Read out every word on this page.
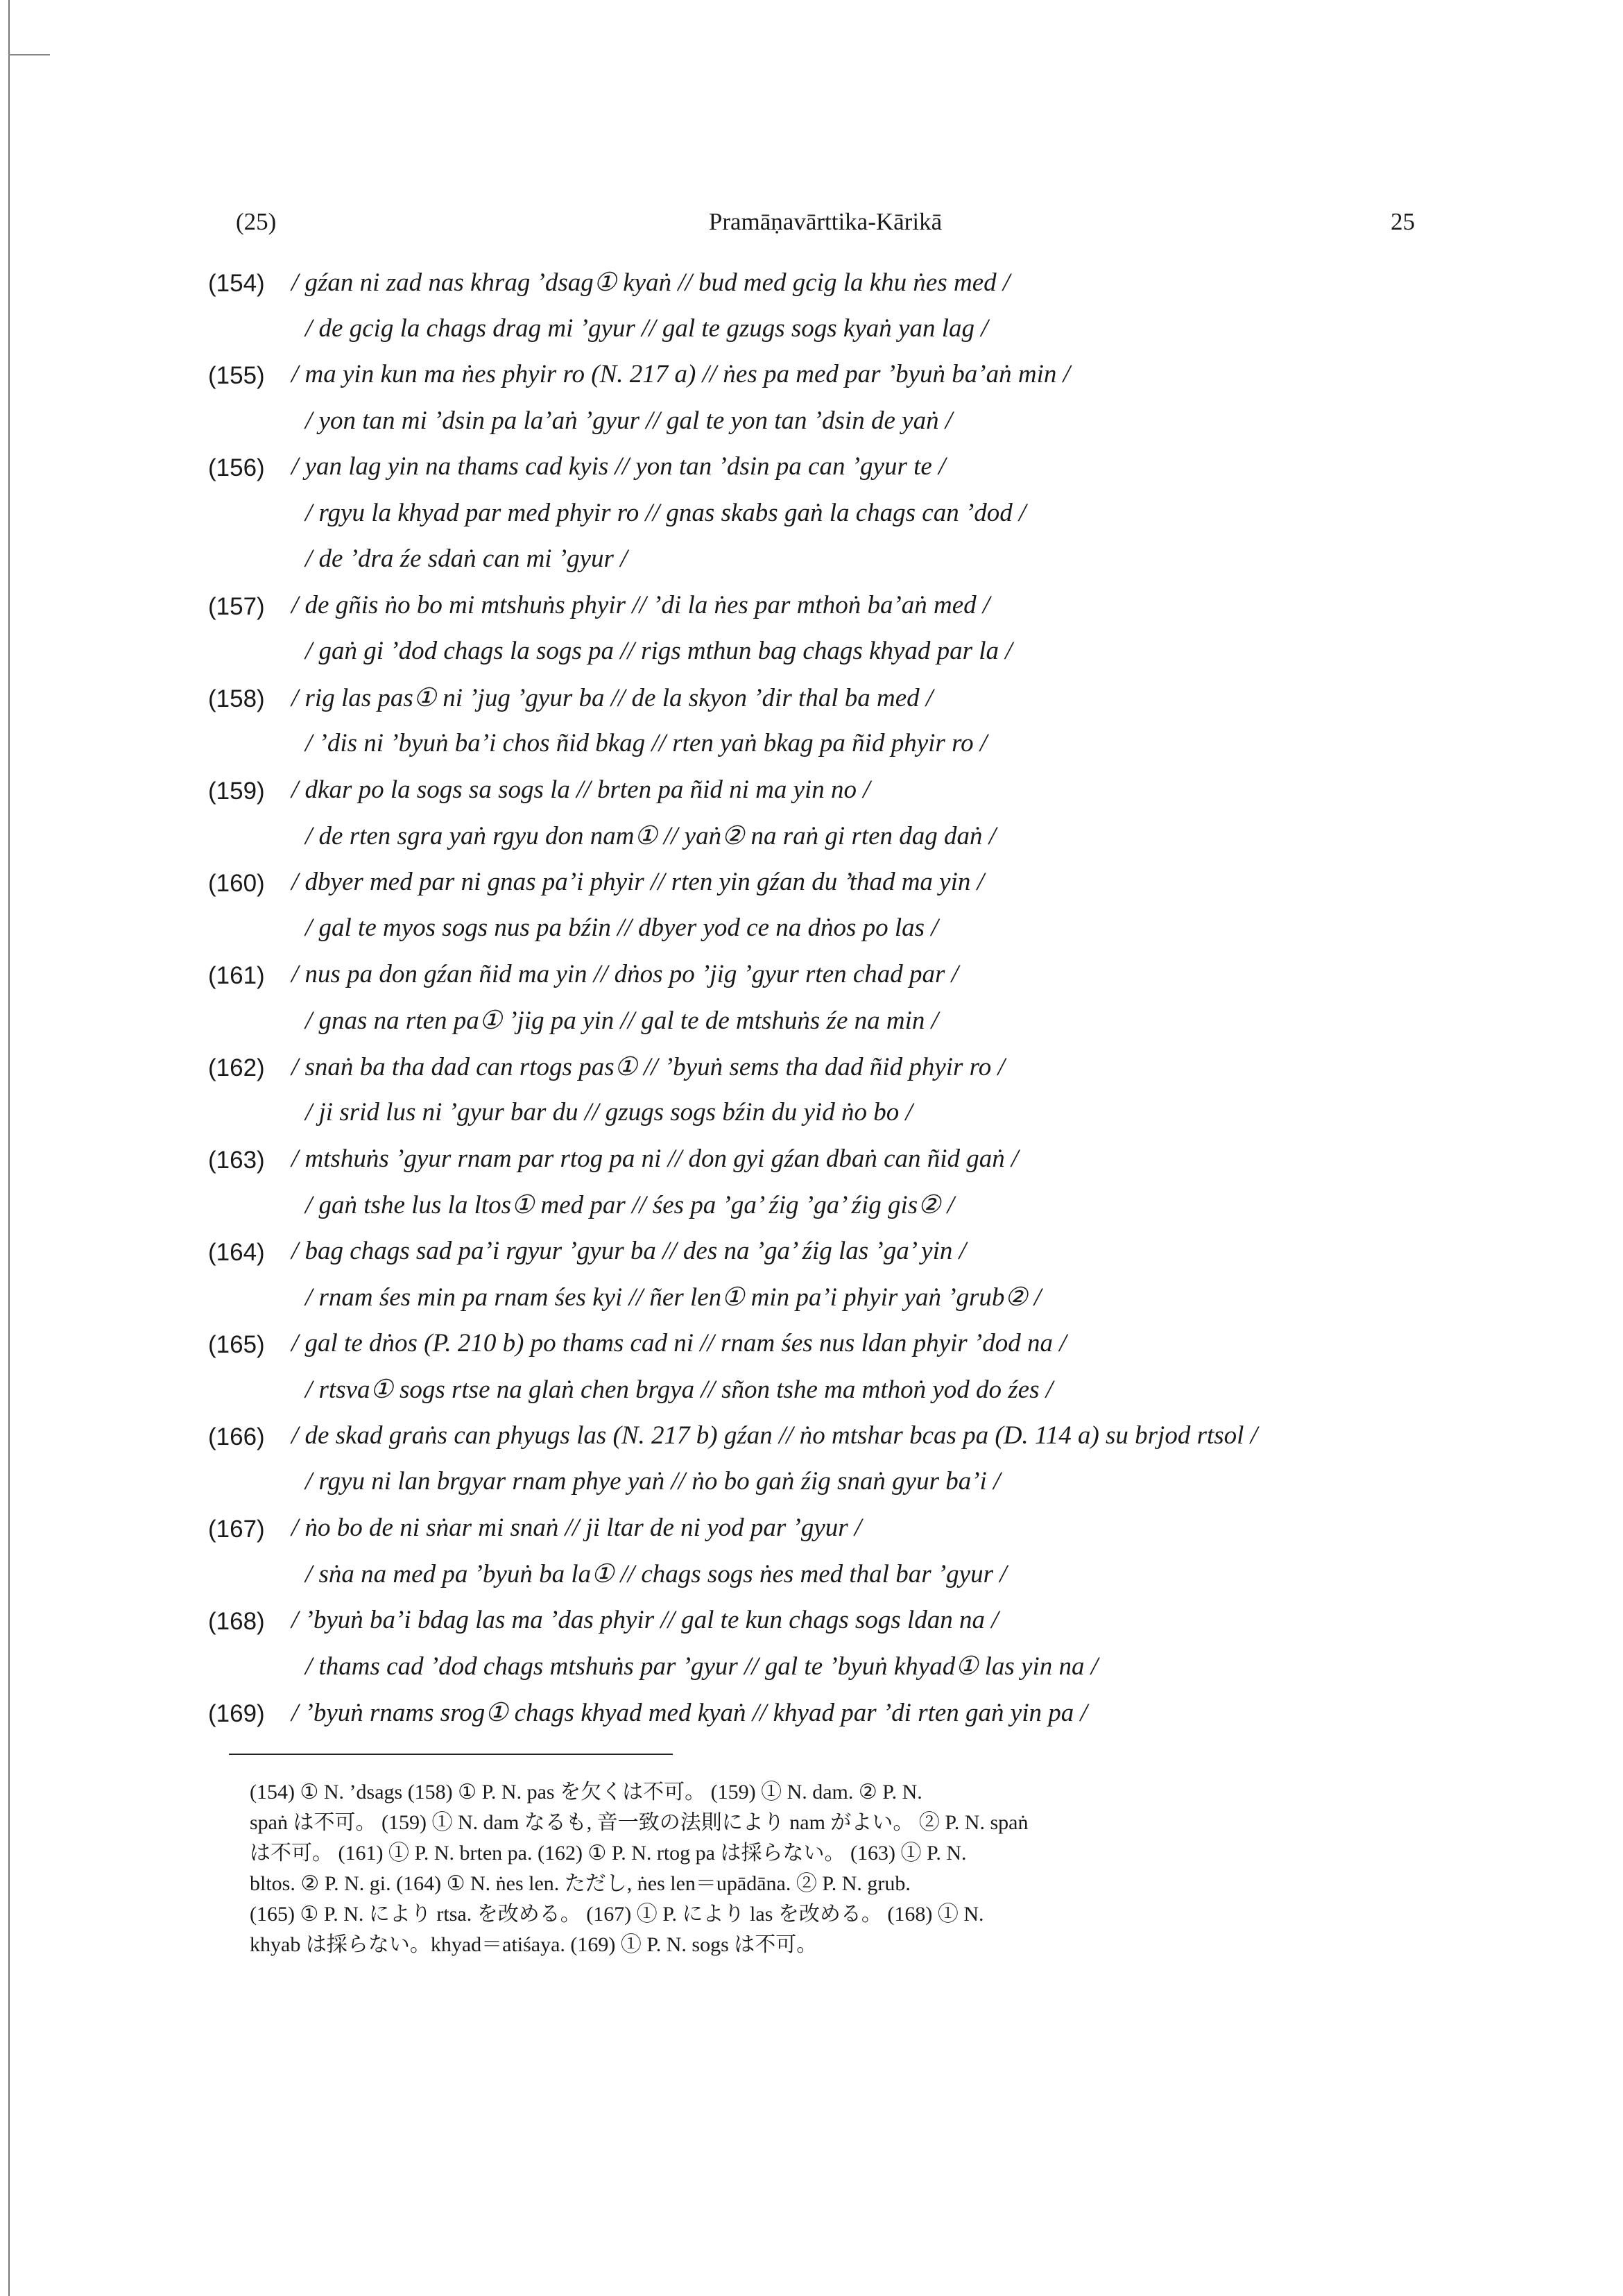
(25)	Pramāṇavārttika-Kārikā	25
(154) / gźan ni zad nas khrag ’dsag① kyaṅ // bud med gcig la khu ṅes med /
/ de gcig la chags drag mi ’gyur // gal te gzugs sogs kyaṅ yan lag /
(155) / ma yin kun ma ṅes phyir ro (N. 217 a) // ṅes pa med par ’byuṅ ba’aṅ min /
/ yon tan mi ’dsin pa la’aṅ ’gyur // gal te yon tan ’dsin de yaṅ /
(156) / yan lag yin na thams cad kyis // yon tan ’dsin pa can ’gyur te /
/ rgyu la khyad par med phyir ro // gnas skabs gaṅ la chags can ’dod /
/ de ’dra źe sdaṅ can mi ’gyur /
(157) / de gñis ṅo bo mi mtshuṅs phyir // ’di la ṅes par mthoṅ ba’aṅ med /
/ gaṅ gi ’dod chags la sogs pa // rigs mthun bag chags khyad par la /
(158) / rig las pas① ni ’jug ’gyur ba // de la skyon ’dir thal ba med /
/ ’dis ni ’byuṅ ba’i chos ñid bkag // rten yaṅ bkag pa ñid phyir ro /
(159) / dkar po la sogs sa sogs la // brten pa ñid ni ma yin no /
/ de rten sgra yaṅ rgyu don nam① // yaṅ② na raṅ gi rten dag daṅ /
(160) / dbyer med par ni gnas pa’i phyir // rten yin gźan du ’thad ma yin /
/ gal te myos sogs nus pa bźin // dbyer yod ce na dṅos po las /
(161) / nus pa don gźan ñid ma yin // dṅos po ’jig ’gyur rten chad par /
/ gnas na rten pa① ’jig pa yin // gal te de mtshuṅs źe na min /
(162) / snaṅ ba tha dad can rtogs pas① // ’byuṅ sems tha dad ñid phyir ro /
/ ji srid lus ni ’gyur bar du // gzugs sogs bźin du yid ṅo bo /
(163) / mtshuṅs ’gyur rnam par rtog pa ni // don gyi gźan dbaṅ can ñid gaṅ /
/ gaṅ tshe lus la ltos① med par // śes pa ’ga’ źig ’ga’ źig gis② /
(164) / bag chags sad pa’i rgyur ’gyur ba // des na ’ga’ źig las ’ga’ yin /
/ rnam śes min pa rnam śes kyi // ñer len① min pa’i phyir yaṅ ’grub② /
(165) / gal te dṅos (P. 210 b) po thams cad ni // rnam śes nus ldan phyir ’dod na /
/ rtsva① sogs rtse na glaṅ chen brgya // sñon tshe ma mthoṅ yod do źes /
(166) / de skad graṅs can phyugs las (N. 217 b) gźan // ṅo mtshar bcas pa (D. 114 a) su brjod rtsol /
/ rgyu ni lan brgyar rnam phye yaṅ // ṅo bo gaṅ źig snaṅ gyur ba’i /
(167) / ṅo bo de ni sṅar mi snaṅ // ji ltar de ni yod par ’gyur /
/ sṅa na med pa ’byuṅ ba la① // chags sogs ṅes med thal bar ’gyur /
(168) / ’byuṅ ba’i bdag las ma ’das phyir // gal te kun chags sogs ldan na /
/ thams cad ’dod chags mtshuṅs par ’gyur // gal te ’byuṅ khyad① las yin na /
(169) / ’byuṅ rnams srog① chags khyad med kyaṅ // khyad par ’di rten gaṅ yin pa /

(154) ① N. ’dsags (158) ① P. N. pas を欠くは不可。 (159) ① N. dam. ② P. N.

spaṅ は不可。 (159) ① N. dam なるも, 音一致の法則により nam がよい。 ② P. N. spaṅ

は不可。 (161) ① P. N. brten pa. (162) ① P. N. rtog pa は採らない。 (163) ① P. N.

bltos. ② P. N. gi. (164) ① N. ṅes len. ただし, ṅes len＝upādāna. ② P. N. grub.

(165) ① P. N. により rtsa. を改める。 (167) ① P. により las を改める。 (168) ① N.

khyab は採らない。khyad＝atiśaya. (169) ① P. N. sogs は不可。
